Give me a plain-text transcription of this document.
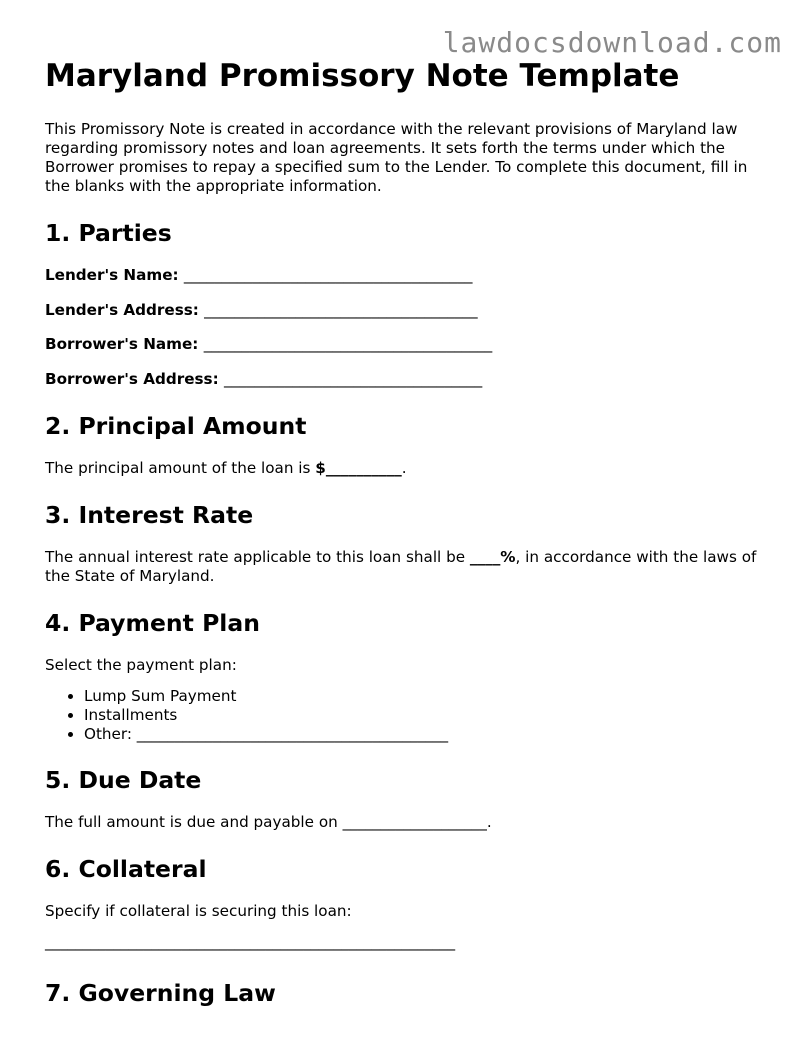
lawdocsdownload.com
Maryland Promissory Note Template

This Promissory Note is created in accordance with the relevant provisions of Maryland law regarding promissory notes and loan agreements. It sets forth the terms under which the Borrower promises to repay a specified sum to the Lender. To complete this document, fill in the blanks with the appropriate information.

1. Parties
Lender's Name: ______________________________________
Lender's Address: ____________________________________
Borrower's Name: ______________________________________
Borrower's Address: __________________________________
2. Principal Amount

The principal amount of the loan is $__________.

3. Interest Rate

The annual interest rate applicable to this loan shall be ____%, in accordance with the laws of the State of Maryland.

4. Payment Plan

Select the payment plan:

• Lump Sum Payment
• Installments
• Other: _________________________________________
5. Due Date

The full amount is due and payable on ___________________.

6. Collateral

Specify if collateral is securing this loan:

______________________________________________________
7. Governing Law
